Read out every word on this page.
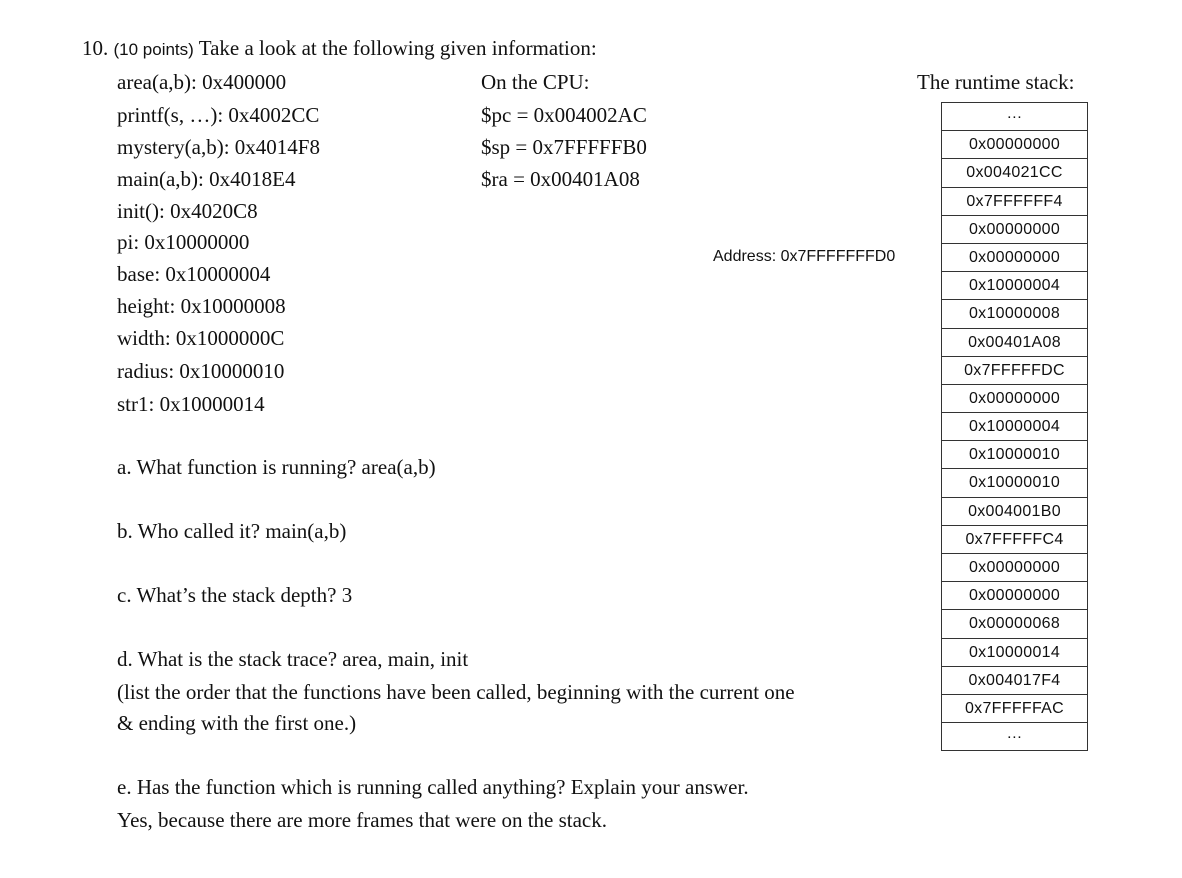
10. (10 points) Take a look at the following given information:
area(a,b): 0x400000
printf(s, …): 0x4002CC
mystery(a,b): 0x4014F8
main(a,b): 0x4018E4
init(): 0x4020C8
pi: 0x10000000
base: 0x10000004
height: 0x10000008
width: 0x1000000C
radius: 0x10000010
str1: 0x10000014
On the CPU:
$pc = 0x004002AC
$sp = 0x7FFFFFB0
$ra = 0x00401A08
The runtime stack:
Address: 0x7FFFFFFFD0
…
0x00000000
0x004021CC
0x7FFFFFF4
0x00000000
0x00000000
0x10000004
0x10000008
0x00401A08
0x7FFFFFDC
0x00000000
0x10000004
0x10000010
0x10000010
0x004001B0
0x7FFFFFC4
0x00000000
0x00000000
0x00000068
0x10000014
0x004017F4
0x7FFFFFAC
…
a. What function is running? area(a,b)
b. Who called it? main(a,b)
c. What’s the stack depth? 3
d. What is the stack trace? area, main, init
(list the order that the functions have been called, beginning with the current one
& ending with the first one.)
e. Has the function which is running called anything? Explain your answer.
Yes, because there are more frames that were on the stack.
